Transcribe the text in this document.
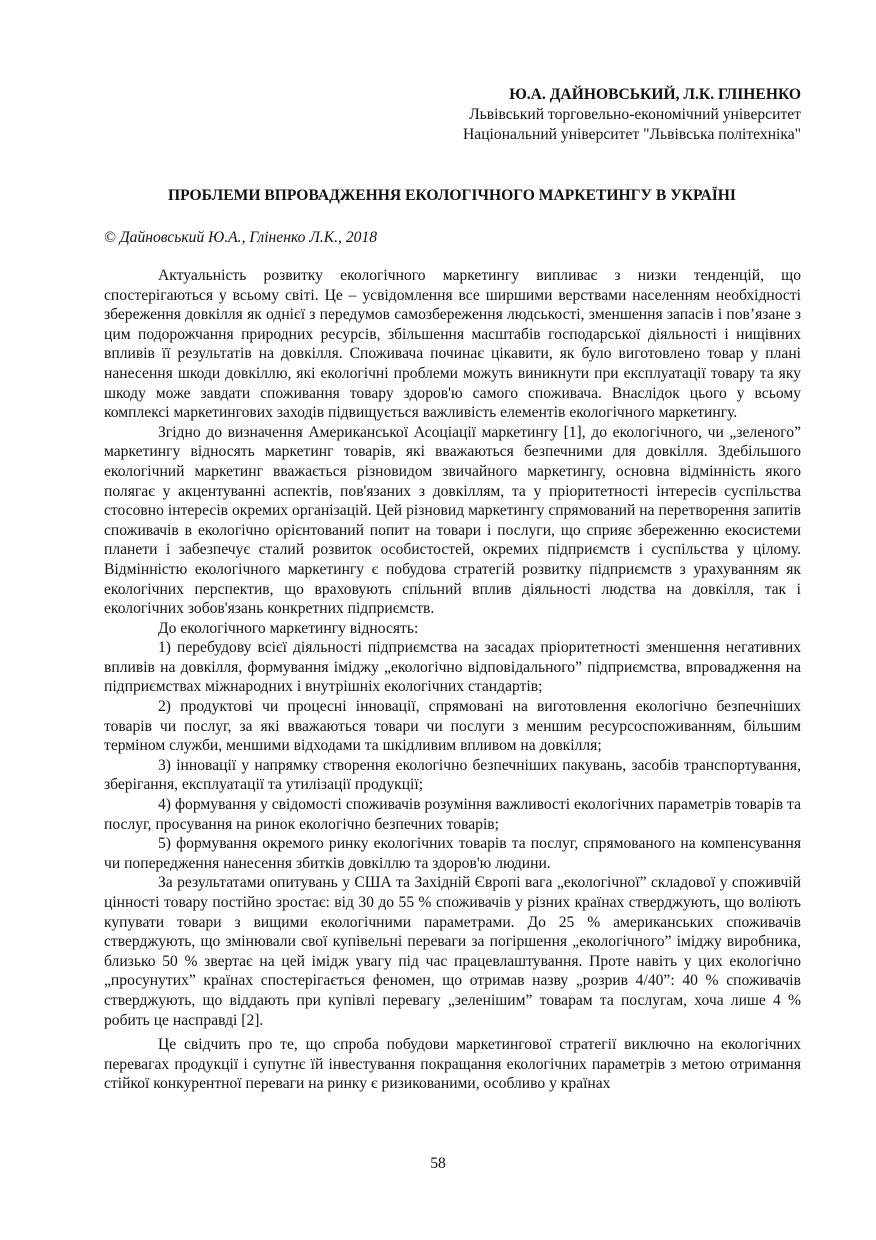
Ю.А. ДАЙНОВСЬКИЙ, Л.К. ГЛІНЕНКО
Львівський торговельно-економічний університет
Національний університет "Львівська політехніка"
ПРОБЛЕМИ ВПРОВАДЖЕННЯ ЕКОЛОГІЧНОГО МАРКЕТИНГУ В УКРАЇНІ
© Дайновський Ю.А., Гліненко Л.К., 2018

Актуальність розвитку екологічного маркетингу випливає з низки тенденцій, що спостерігаються у всьому світі. Це – усвідомлення все ширшими верствами населенням необхідності збереження довкілля як однієї з передумов самозбереження людськості, зменшення запасів і пов’язане з цим подорожчання природних ресурсів, збільшення масштабів господарської діяльності і нищівних впливів її результатів на довкілля. Споживача починає цікавити, як було виготовлено товар у плані нанесення шкоди довкіллю, які екологічні проблеми можуть виникнути при експлуатації товару та яку шкоду може завдати споживання товару здоров'ю самого споживача. Внаслідок цього у всьому комплексі маркетингових заходів підвищується важливість елементів екологічного маркетингу.

Згідно до визначення Американської Асоціації маркетингу [1], до екологічного, чи „зеленого” маркетингу відносять маркетинг товарів, які вважаються безпечними для довкілля. Здебільшого екологічний маркетинг вважається різновидом звичайного маркетингу, основна відмінність якого полягає у акцентуванні аспектів, пов'язаних з довкіллям, та у пріоритетності інтересів суспільства стосовно інтересів окремих організацій. Цей різновид маркетингу спрямований на перетворення запитів споживачів в екологічно орієнтований попит на товари і послуги, що сприяє збереженню екосистеми планети і забезпечує сталий розвиток особистостей, окремих підприємств і суспільства у цілому. Відмінністю екологічного маркетингу є побудова стратегій розвитку підприємств з урахуванням як екологічних перспектив, що враховують спільний вплив діяльності людства на довкілля, так і екологічних зобов'язань конкретних підприємств.

До екологічного маркетингу відносять:

1) перебудову всієї діяльності підприємства на засадах пріоритетності зменшення негативних впливів на довкілля, формування іміджу „екологічно відповідального” підприємства, впровадження на підприємствах міжнародних і внутрішніх екологічних стандартів;

2) продуктові чи процесні інновації, спрямовані на виготовлення екологічно безпечніших товарів чи послуг, за які вважаються товари чи послуги з меншим ресурсоспоживанням, більшим терміном служби, меншими відходами та шкідливим впливом на довкілля;

3) інновації у напрямку створення екологічно безпечніших пакувань, засобів транспортування, зберігання, експлуатації та утилізації продукції;

4) формування у свідомості споживачів розуміння важливості екологічних параметрів товарів та послуг, просування на ринок екологічно безпечних товарів;

5) формування окремого ринку екологічних товарів та послуг, спрямованого на компенсування чи попередження нанесення збитків довкіллю та здоров'ю людини.

За результатами опитувань у США та Західній Європі вага „екологічної” складової у споживчій цінності товару постійно зростає: від 30 до 55 % споживачів у різних країнах стверджують, що воліють купувати товари з вищими екологічними параметрами. До 25 % американських споживачів стверджують, що змінювали свої купівельні переваги за погіршення „екологічного” іміджу виробника, близько 50 % звертає на цей імідж увагу під час працевлаштування. Проте навіть у цих екологічно „просунутих” країнах спостерігається феномен, що отримав назву „розрив 4/40”: 40 % споживачів стверджують, що віддають при купівлі перевагу „зеленішим” товарам та послугам, хоча лише 4 % робить це насправді [2].

Це свідчить про те, що спроба побудови маркетингової стратегії виключно на екологічних перевагах продукції і супутнє їй інвестування покращання екологічних параметрів з метою отримання стійкої конкурентної переваги на ринку є ризикованими, особливо у країнах

58
